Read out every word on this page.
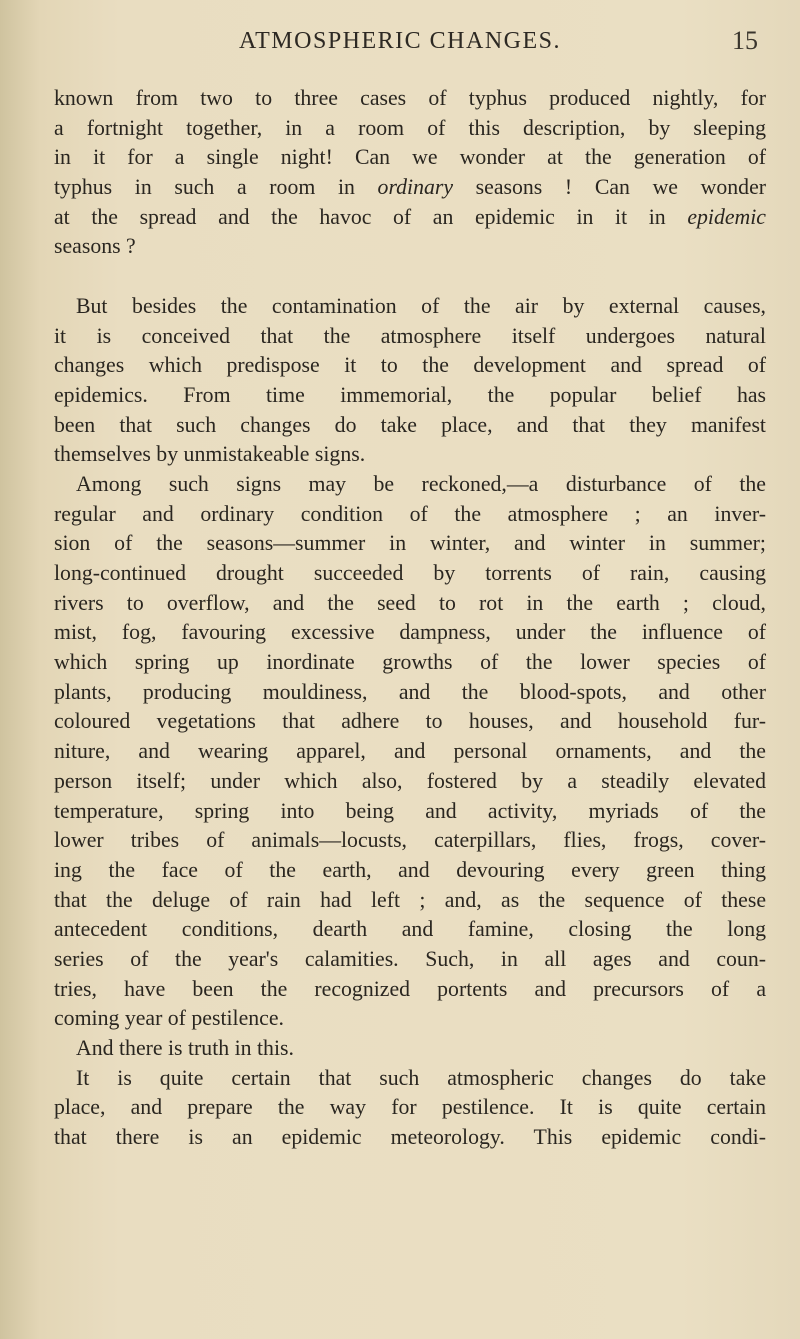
ATMOSPHERIC CHANGES.	15
known from two to three cases of typhus produced nightly, for
a fortnight together, in a room of this description, by sleeping
in it for a single night! Can we wonder at the generation of
typhus in such a room in ordinary seasons ! Can we wonder
at the spread and the havoc of an epidemic in it in epidemic
seasons ?
But besides the contamination of the air by external causes,
it is conceived that the atmosphere itself undergoes natural
changes which predispose it to the development and spread of
epidemics. From time immemorial, the popular belief has
been that such changes do take place, and that they manifest
themselves by unmistakeable signs.
Among such signs may be reckoned,—a disturbance of the
regular and ordinary condition of the atmosphere ; an inver-
sion of the seasons—summer in winter, and winter in summer;
long-continued drought succeeded by torrents of rain, causing
rivers to overflow, and the seed to rot in the earth ; cloud,
mist, fog, favouring excessive dampness, under the influence of
which spring up inordinate growths of the lower species of
plants, producing mouldiness, and the blood-spots, and other
coloured vegetations that adhere to houses, and household fur-
niture, and wearing apparel, and personal ornaments, and the
person itself; under which also, fostered by a steadily elevated
temperature, spring into being and activity, myriads of the
lower tribes of animals—locusts, caterpillars, flies, frogs, cover-
ing the face of the earth, and devouring every green thing
that the deluge of rain had left ; and, as the sequence of these
antecedent conditions, dearth and famine, closing the long
series of the year's calamities. Such, in all ages and coun-
tries, have been the recognized portents and precursors of a
coming year of pestilence.
And there is truth in this.
It is quite certain that such atmospheric changes do take
place, and prepare the way for pestilence. It is quite certain
that there is an epidemic meteorology. This epidemic condi-
